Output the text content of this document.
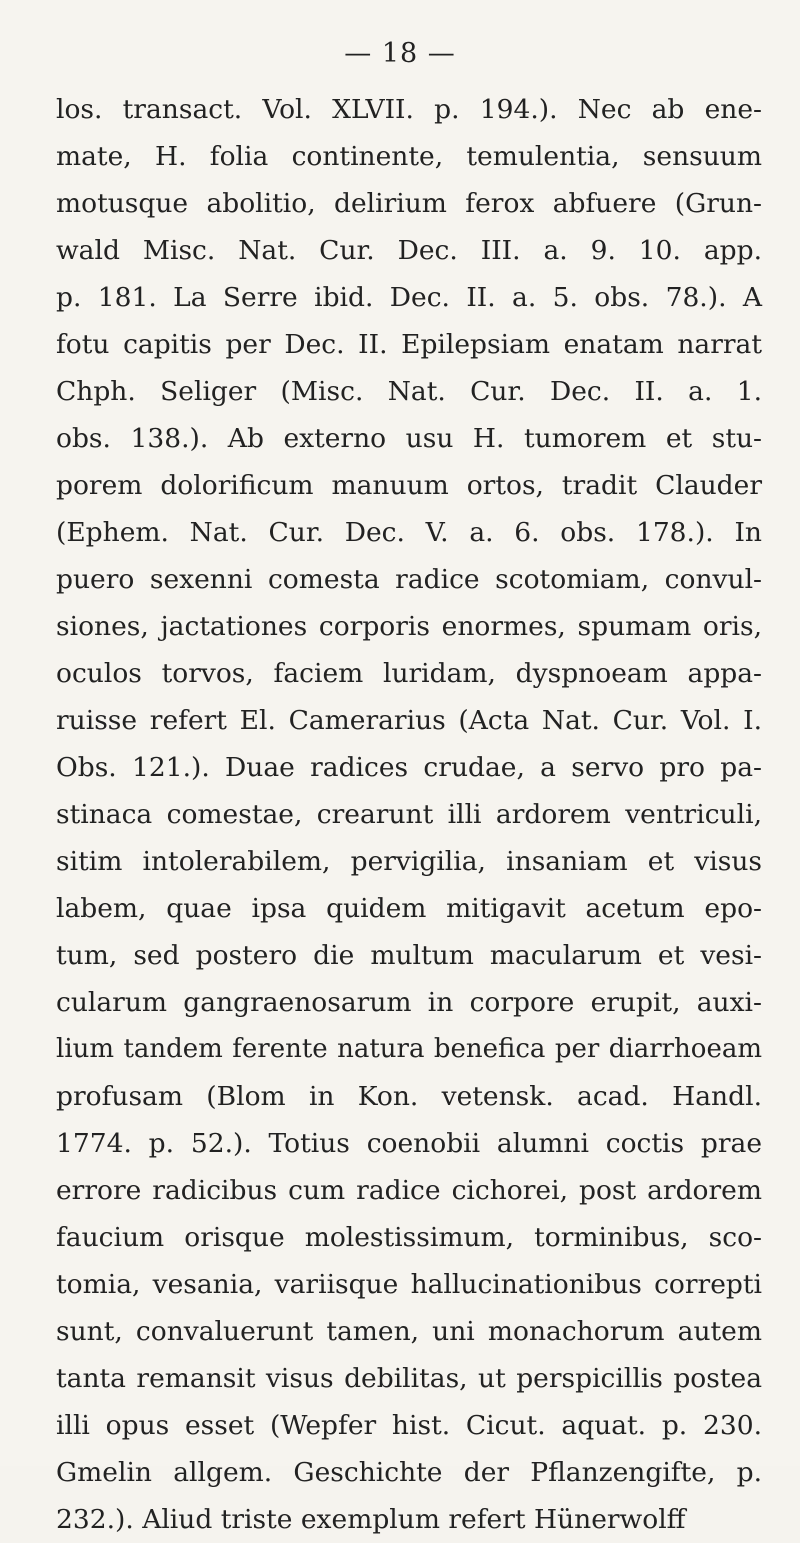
— 18 —
los. transact. Vol. XLVII. p. 194.). Nec ab ene-
mate, H. folia continente, temulentia, sensuum
motusque abolitio, delirium ferox abfuere (Grun-
wald Misc. Nat. Cur. Dec. III. a. 9. 10. app.
p. 181. La Serre ibid. Dec. II. a. 5. obs. 78.). A
fotu capitis per Dec. II. Epilepsiam enatam narrat
Chph. Seliger (Misc. Nat. Cur. Dec. II. a. 1.
obs. 138.). Ab externo usu H. tumorem et stu-
porem dolorificum manuum ortos, tradit Clauder
(Ephem. Nat. Cur. Dec. V. a. 6. obs. 178.). In
puero sexenni comesta radice scotomiam, convul-
siones, jactationes corporis enormes, spumam oris,
oculos torvos, faciem luridam, dyspnoeam appa-
ruisse refert El. Camerarius (Acta Nat. Cur. Vol. I.
Obs. 121.). Duae radices crudae, a servo pro pa-
stinaca comestae, crearunt illi ardorem ventriculi,
sitim intolerabilem, pervigilia, insaniam et visus
labem, quae ipsa quidem mitigavit acetum epo-
tum, sed postero die multum macularum et vesi-
cularum gangraenosarum in corpore erupit, auxi-
lium tandem ferente natura benefica per diarrhoeam
profusam (Blom in Kon. vetensk. acad. Handl.
1774. p. 52.). Totius coenobii alumni coctis prae
errore radicibus cum radice cichorei, post ardorem
faucium orisque molestissimum, torminibus, sco-
tomia, vesania, variisque hallucinationibus correpti
sunt, convaluerunt tamen, uni monachorum autem
tanta remansit visus debilitas, ut perspicillis postea
illi opus esset (Wepfer hist. Cicut. aquat. p. 230.
Gmelin allgem. Geschichte der Pflanzengifte, p.
232.). Aliud triste exemplum refert Hünerwolff
